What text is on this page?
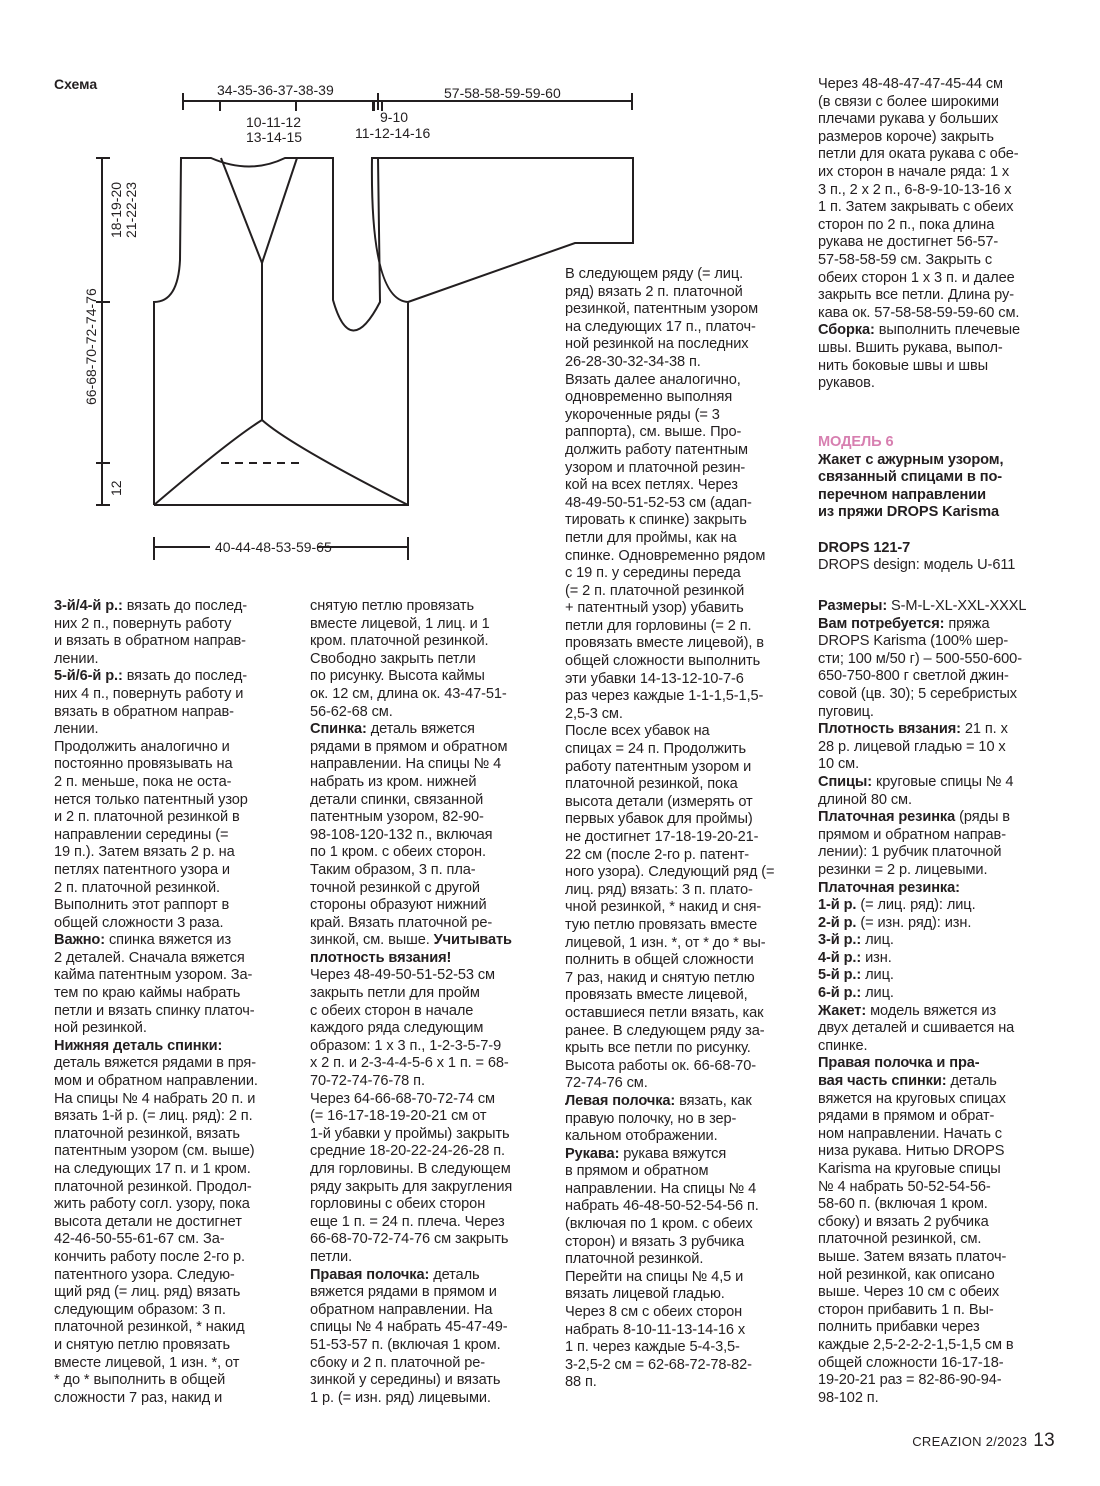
Схема	34-35-36-37-38-39	57-58-58-59-59-60
10-11-12
13-14-15
9-10
11-12-14-16
18-19-20 21-22-23
66-68-70-72-74-76
12
40-44-48-53-59-65
3-й/4-й р.: вязать до послед-
них 2 п., повернуть работу
и вязать в обратном направ-
лении.
5-й/6-й р.: вязать до послед-
них 4 п., повернуть работу и
вязать в обратном направ-
лении.
Продолжить аналогично и
постоянно провязывать на
2 п. меньше, пока не оста-
нется только патентный узор
и 2 п. платочной резинкой в
направлении середины (=
19 п.). Затем вязать 2 р. на
петлях патентного узора и
2 п. платочной резинкой.
Выполнить этот раппорт в
общей сложности 3 раза.
Важно: спинка вяжется из
2 деталей. Сначала вяжется
кайма патентным узором. За-
тем по краю каймы набрать
петли и вязать спинку платоч-
ной резинкой.
Нижняя деталь спинки:
деталь вяжется рядами в пря-
мом и обратном направлении.
На спицы № 4 набрать 20 п. и
вязать 1-й р. (= лиц. ряд): 2 п.
платочной резинкой, вязать
патентным узором (см. выше)
на следующих 17 п. и 1 кром.
платочной резинкой. Продол-
жить работу согл. узору, пока
высота детали не достигнет
42-46-50-55-61-67 см. За-
кончить работу после 2-го р.
патентного узора. Следую-
щий ряд (= лиц. ряд) вязать
следующим образом: 3 п.
платочной резинкой, * накид
и снятую петлю провязать
вместе лицевой, 1 изн. *, от
* до * выполнить в общей
сложности 7 раз, накид и
снятую петлю провязать
вместе лицевой, 1 лиц. и 1
кром. платочной резинкой.
Свободно закрыть петли
по рисунку. Высота каймы
ок. 12 см, длина ок. 43-47-51-
56-62-68 см.
Спинка: деталь вяжется
рядами в прямом и обратном
направлении. На спицы № 4
набрать из кром. нижней
детали спинки, связанной
патентным узором, 82-90-
98-108-120-132 п., включая
по 1 кром. с обеих сторон.
Таким образом, 3 п. пла-
точной резинкой с другой
стороны образуют нижний
край. Вязать платочной ре-
зинкой, см. выше. Учитывать
плотность вязания!
Через 48-49-50-51-52-53 см
закрыть петли для пройм
с обеих сторон в начале
каждого ряда следующим
образом: 1 х 3 п., 1-2-3-5-7-9
х 2 п. и 2-3-4-4-5-6 х 1 п. = 68-
70-72-74-76-78 п.
Через 64-66-68-70-72-74 см
(= 16-17-18-19-20-21 см от
1-й убавки у проймы) закрыть
средние 18-20-22-24-26-28 п.
для горловины. В следующем
ряду закрыть для закругления
горловины с обеих сторон
еще 1 п. = 24 п. плеча. Через
66-68-70-72-74-76 см закрыть
петли.
Правая полочка: деталь
вяжется рядами в прямом и
обратном направлении. На
спицы № 4 набрать 45-47-49-
51-53-57 п. (включая 1 кром.
сбоку и 2 п. платочной ре-
зинкой у середины) и вязать
1 р. (= изн. ряд) лицевыми.
В следующем ряду (= лиц.
ряд) вязать 2 п. платочной
резинкой, патентным узором
на следующих 17 п., платоч-
ной резинкой на последних
26-28-30-32-34-38 п.
Вязать далее аналогично,
одновременно выполняя
укороченные ряды (= 3
раппорта), см. выше. Про-
должить работу патентным
узором и платочной резин-
кой на всех петлях. Через
48-49-50-51-52-53 см (адап-
тировать к спинке) закрыть
петли для проймы, как на
спинке. Одновременно рядом
с 19 п. у середины переда
(= 2 п. платочной резинкой
+ патентный узор) убавить
петли для горловины (= 2 п.
провязать вместе лицевой), в
общей сложности выполнить
эти убавки 14-13-12-10-7-6
раз через каждые 1-1-1,5-1,5-
2,5-3 см.
После всех убавок на
спицах = 24 п. Продолжить
работу патентным узором и
платочной резинкой, пока
высота детали (измерять от
первых убавок для проймы)
не достигнет 17-18-19-20-21-
22 см (после 2-го р. патент-
ного узора). Следующий ряд (=
лиц. ряд) вязать: 3 п. плато-
чной резинкой, * накид и сня-
тую петлю провязать вместе
лицевой, 1 изн. *, от * до * вы-
полнить в общей сложности
7 раз, накид и снятую петлю
провязать вместе лицевой,
оставшиеся петли вязать, как
ранее. В следующем ряду за-
крыть все петли по рисунку.
Высота работы ок. 66-68-70-
72-74-76 см.
Левая полочка: вязать, как
правую полочку, но в зер-
кальном отображении.
Рукава: рукава вяжутся
в прямом и обратном
направлении. На спицы № 4
набрать 46-48-50-52-54-56 п.
(включая по 1 кром. с обеих
сторон) и вязать 3 рубчика
платочной резинкой.
Перейти на спицы № 4,5 и
вязать лицевой гладью.
Через 8 см с обеих сторон
набрать 8-10-11-13-14-16 х
1 п. через каждые 5-4-3,5-
3-2,5-2 см = 62-68-72-78-82-
88 п.
Через 48-48-47-47-45-44 см
(в связи с более широкими
плечами рукава у больших
размеров короче) закрыть
петли для оката рукава с обе-
их сторон в начале ряда: 1 х
3 п., 2 х 2 п., 6-8-9-10-13-16 х
1 п. Затем закрывать с обеих
сторон по 2 п., пока длина
рукава не достигнет 56-57-
57-58-58-59 см. Закрыть с
обеих сторон 1 х 3 п. и далее
закрыть все петли. Длина ру-
кава ок. 57-58-58-59-59-60 см.
Сборка: выполнить плечевые
швы. Вшить рукава, выпол-
нить боковые швы и швы
рукавов.
МОДЕЛЬ 6
Жакет с ажурным узором,
связанный спицами в по-
перечном направлении
из пряжи DROPS Karisma
DROPS 121-7
DROPS design: модель U-611
Размеры: S-M-L-XL-XXL-XXXL
Вам потребуется: пряжа
DROPS Karisma (100% шер-
сти; 100 м/50 г) – 500-550-600-
650-750-800 г светлой джин-
совой (цв. 30); 5 серебристых
пуговиц.
Плотность вязания: 21 п. х
28 р. лицевой гладью = 10 х
10 см.
Спицы: круговые спицы № 4
длиной 80 см.
Платочная резинка (ряды в
прямом и обратном направ-
лении): 1 рубчик платочной
резинки = 2 р. лицевыми.
Платочная резинка:
1-й р. (= лиц. ряд): лиц.
2-й р. (= изн. ряд): изн.
3-й р.: лиц.
4-й р.: изн.
5-й р.: лиц.
6-й р.: лиц.
Жакет: модель вяжется из
двух деталей и сшивается на
спинке.
Правая полочка и пра-
вая часть спинки: деталь
вяжется на круговых спицах
рядами в прямом и обрат-
ном направлении. Начать с
низа рукава. Нитью DROPS
Karisma на круговые спицы
№ 4 набрать 50-52-54-56-
58-60 п. (включая 1 кром.
сбоку) и вязать 2 рубчика
платочной резинкой, см.
выше. Затем вязать платоч-
ной резинкой, как описано
выше. Через 10 см с обеих
сторон прибавить 1 п. Вы-
полнить прибавки через
каждые 2,5-2-2-2-1,5-1,5 см в
общей сложности 16-17-18-
19-20-21 раз = 82-86-90-94-
98-102 п.
CREAZION 2/2023 13
